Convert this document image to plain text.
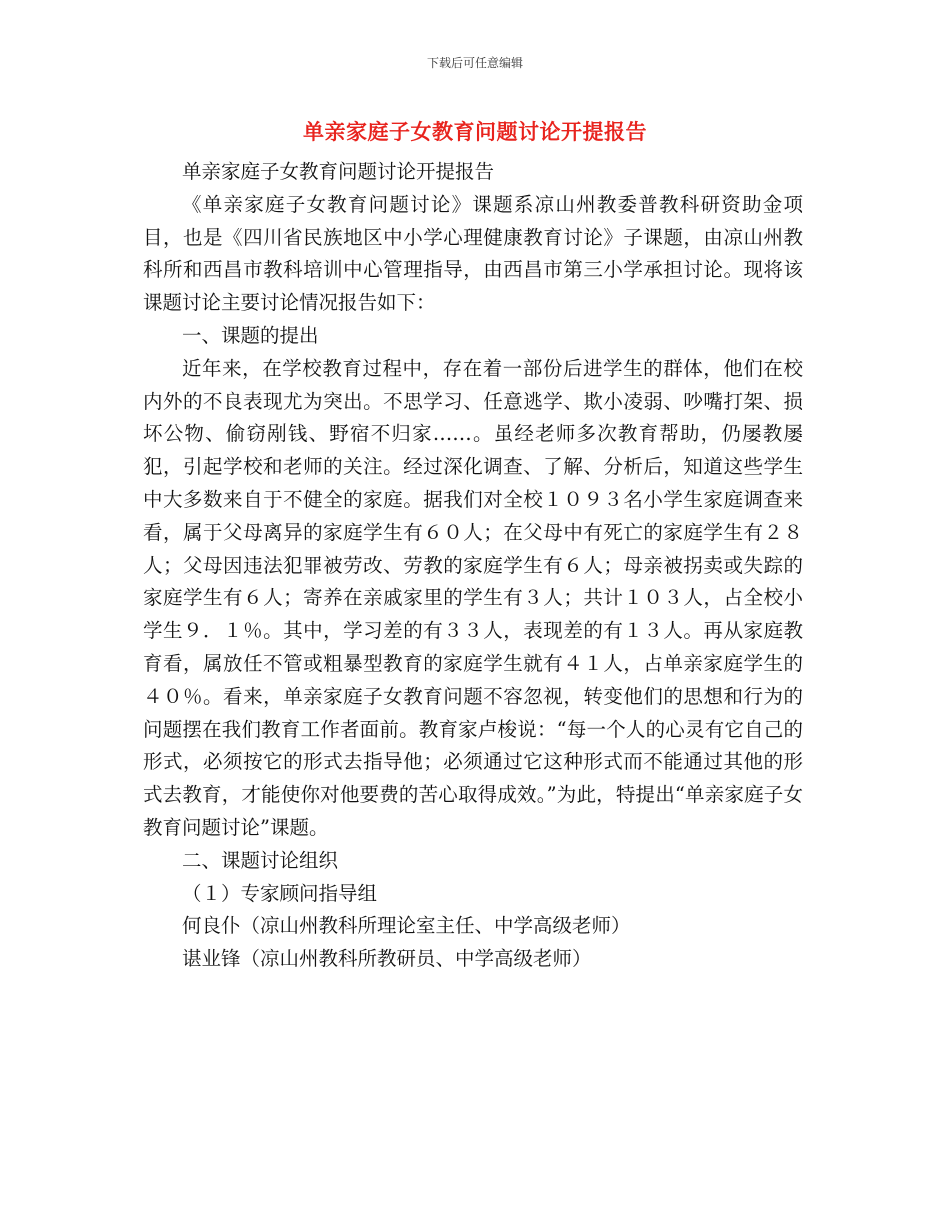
下载后可任意编辑
单亲家庭子女教育问题讨论开提报告

单亲家庭子女教育问题讨论开提报告

《单亲家庭子女教育问题讨论》课题系凉山州教委普教科研资助金项目，也是《四川省民族地区中小学心理健康教育讨论》子课题，由凉山州教科所和西昌市教科培训中心管理指导，由西昌市第三小学承担讨论。现将该课题讨论主要讨论情况报告如下：

一、课题的提出

近年来，在学校教育过程中，存在着一部份后进学生的群体，他们在校内外的不良表现尤为突出。不思学习、任意逃学、欺小凌弱、吵嘴打架、损坏公物、偷窃剐钱、野宿不归家……。虽经老师多次教育帮助，仍屡教屡犯，引起学校和老师的关注。经过深化调查、了解、分析后，知道这些学生中大多数来自于不健全的家庭。据我们对全校１０９３名小学生家庭调查来看，属于父母离异的家庭学生有６０人；在父母中有死亡的家庭学生有２８人；父母因违法犯罪被劳改、劳教的家庭学生有６人；母亲被拐卖或失踪的家庭学生有６人；寄养在亲戚家里的学生有３人；共计１０３人，占全校小学生９．１％。其中，学习差的有３３人，表现差的有１３人。再从家庭教育看，属放任不管或粗暴型教育的家庭学生就有４１人，占单亲家庭学生的４０％。看来，单亲家庭子女教育问题不容忽视，转变他们的思想和行为的问题摆在我们教育工作者面前。教育家卢梭说：“每一个人的心灵有它自己的形式，必须按它的形式去指导他；必须通过它这种形式而不能通过其他的形式去教育，才能使你对他要费的苦心取得成效。”为此，特提出“单亲家庭子女教育问题讨论”课题。

二、课题讨论组织

（１）专家顾问指导组

何良仆（凉山州教科所理论室主任、中学高级老师）

谌业锋（凉山州教科所教研员、中学高级老师）
